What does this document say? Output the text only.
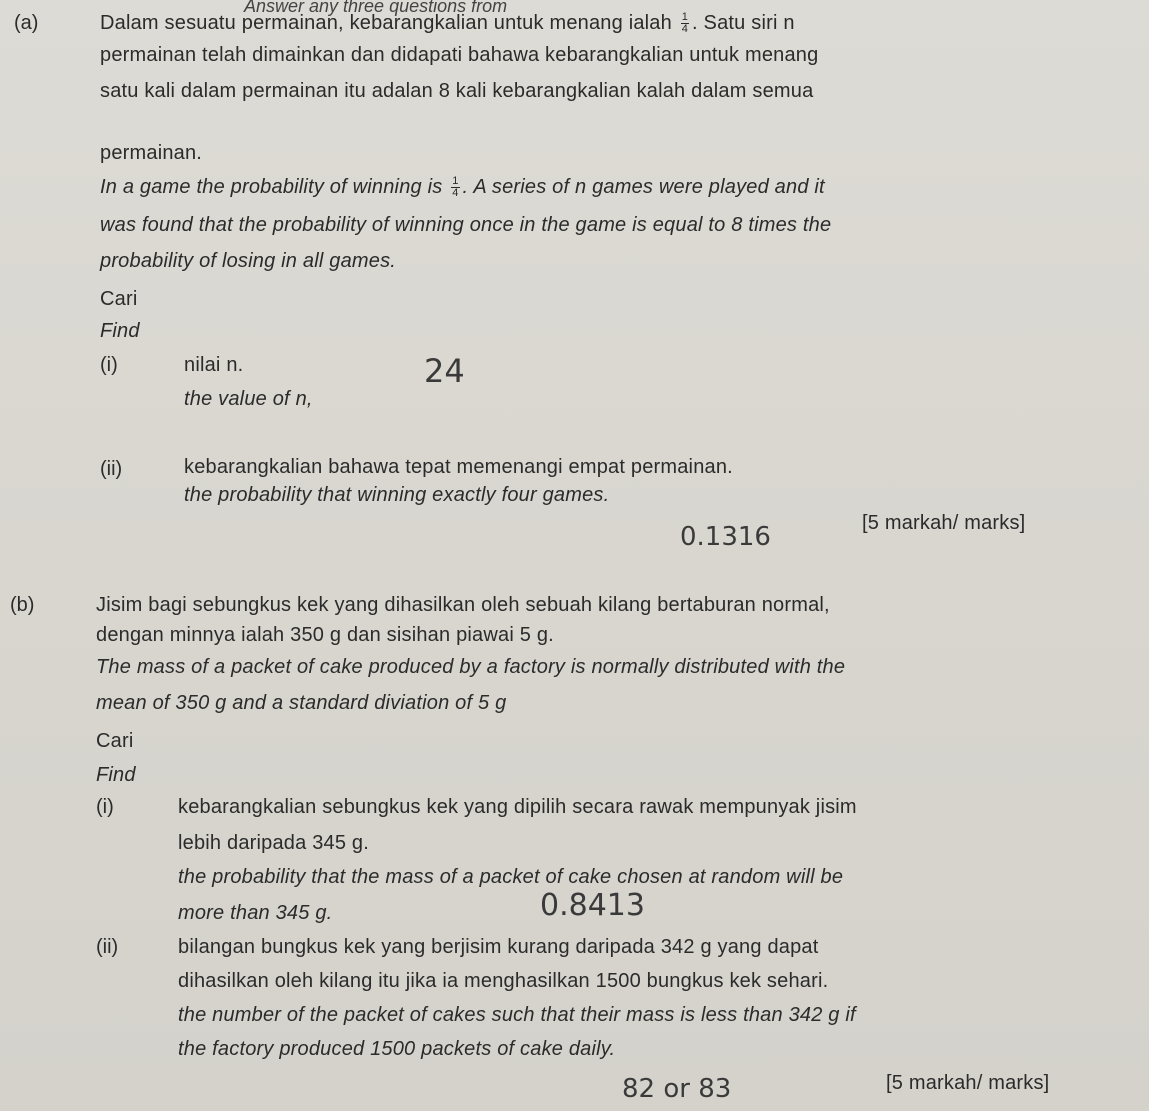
Answer any three questions from
(a)	Dalam sesuatu permainan, kebarangkalian untuk menang ialah $\frac{1}{4}$ . Satu siri n
permainan telah dimainkan dan didapati bahawa kebarangkalian untuk menang
satu kali dalam permainan itu adalan 8 kali kebarangkalian kalah dalam semua
permainan.
In a game the probability of winning is $\frac{1}{4}$ . A series of n games were played and it
was found that the probability of winning once in the game is equal to 8 times the
probability of losing in all games.
Cari
Find
(i)	nilai n.
the value of n,
24
(ii)	kebarangkalian bahawa tepat memenangi empat permainan.
the probability that winning exactly four games.
0.1316	[5 markah/ marks]
(b)	Jisim bagi sebungkus kek yang dihasilkan oleh sebuah kilang bertaburan normal,
dengan minnya ialah 350 g dan sisihan piawai 5 g.
The mass of a packet of cake produced by a factory is normally distributed with the
mean of 350 g and a standard diviation of 5 g
Cari
Find
(i)	kebarangkalian sebungkus kek yang dipilih secara rawak mempunyak jisim
lebih daripada 345 g.
the probability that the mass of a packet of cake chosen at random will be
more than 345 g.	0.8413
(ii)	bilangan bungkus kek yang berjisim kurang daripada 342 g yang dapat
dihasilkan oleh kilang itu jika ia menghasilkan 1500 bungkus kek sehari.
the number of the packet of cakes such that their mass is less than 342 g if
the factory produced 1500 packets of cake daily.
82 or 83	[5 markah/ marks]
